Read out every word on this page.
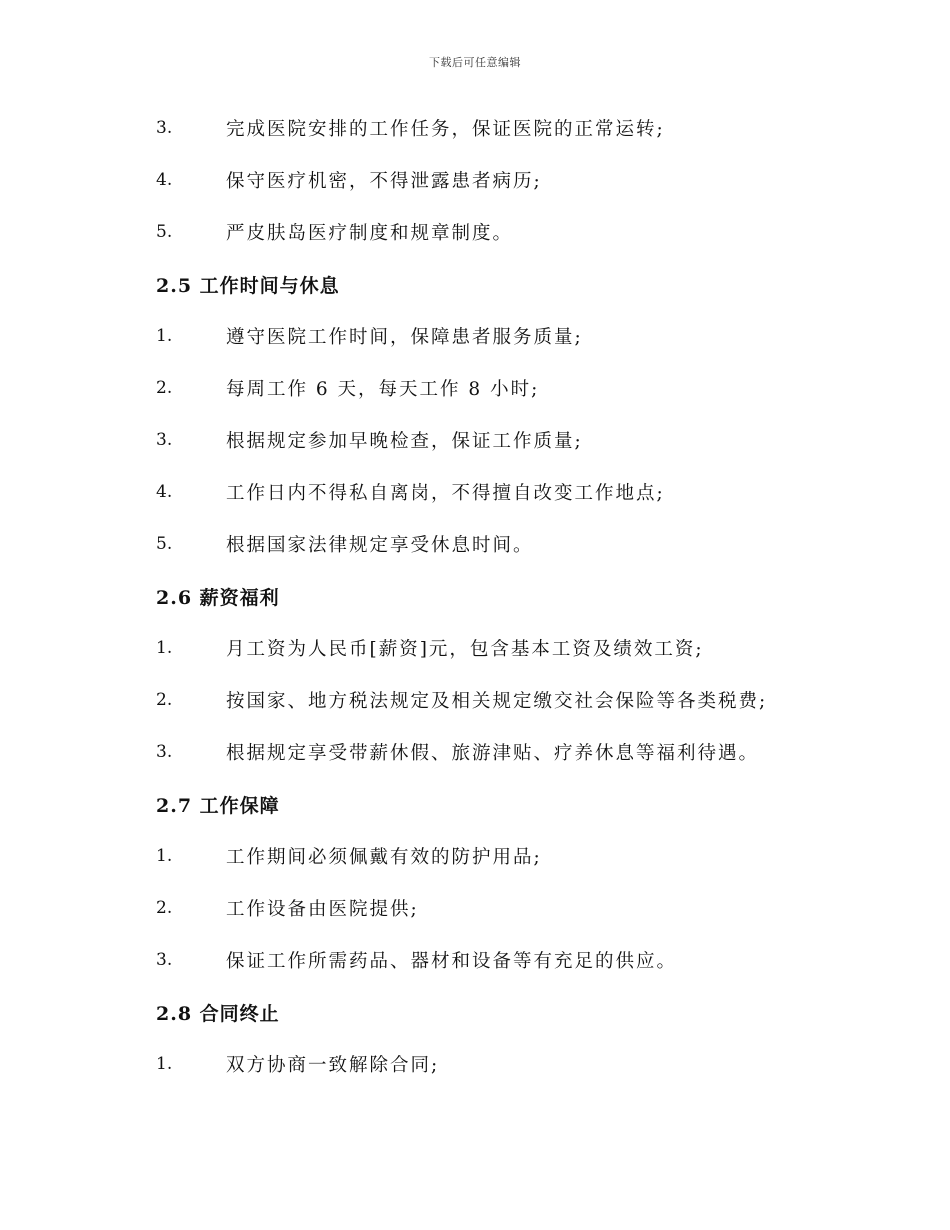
下载后可任意编辑
3.	完成医院安排的工作任务，保证医院的正常运转;
4.	保守医疗机密，不得泄露患者病历;
5.	严皮肤岛医疗制度和规章制度。
2.5 工作时间与休息
1.	遵守医院工作时间，保障患者服务质量;
2.	每周工作 6 天，每天工作 8 小时;
3.	根据规定参加早晚检查，保证工作质量;
4.	工作日内不得私自离岗，不得擅自改变工作地点;
5.	根据国家法律规定享受休息时间。
2.6 薪资福利
1.	月工资为人民币[薪资]元，包含基本工资及绩效工资;
2.	按国家、地方税法规定及相关规定缴交社会保险等各类税费;
3.	根据规定享受带薪休假、旅游津贴、疗养休息等福利待遇。
2.7 工作保障
1.	工作期间必须佩戴有效的防护用品;
2.	工作设备由医院提供;
3.	保证工作所需药品、器材和设备等有充足的供应。
2.8 合同终止
1.	双方协商一致解除合同;
